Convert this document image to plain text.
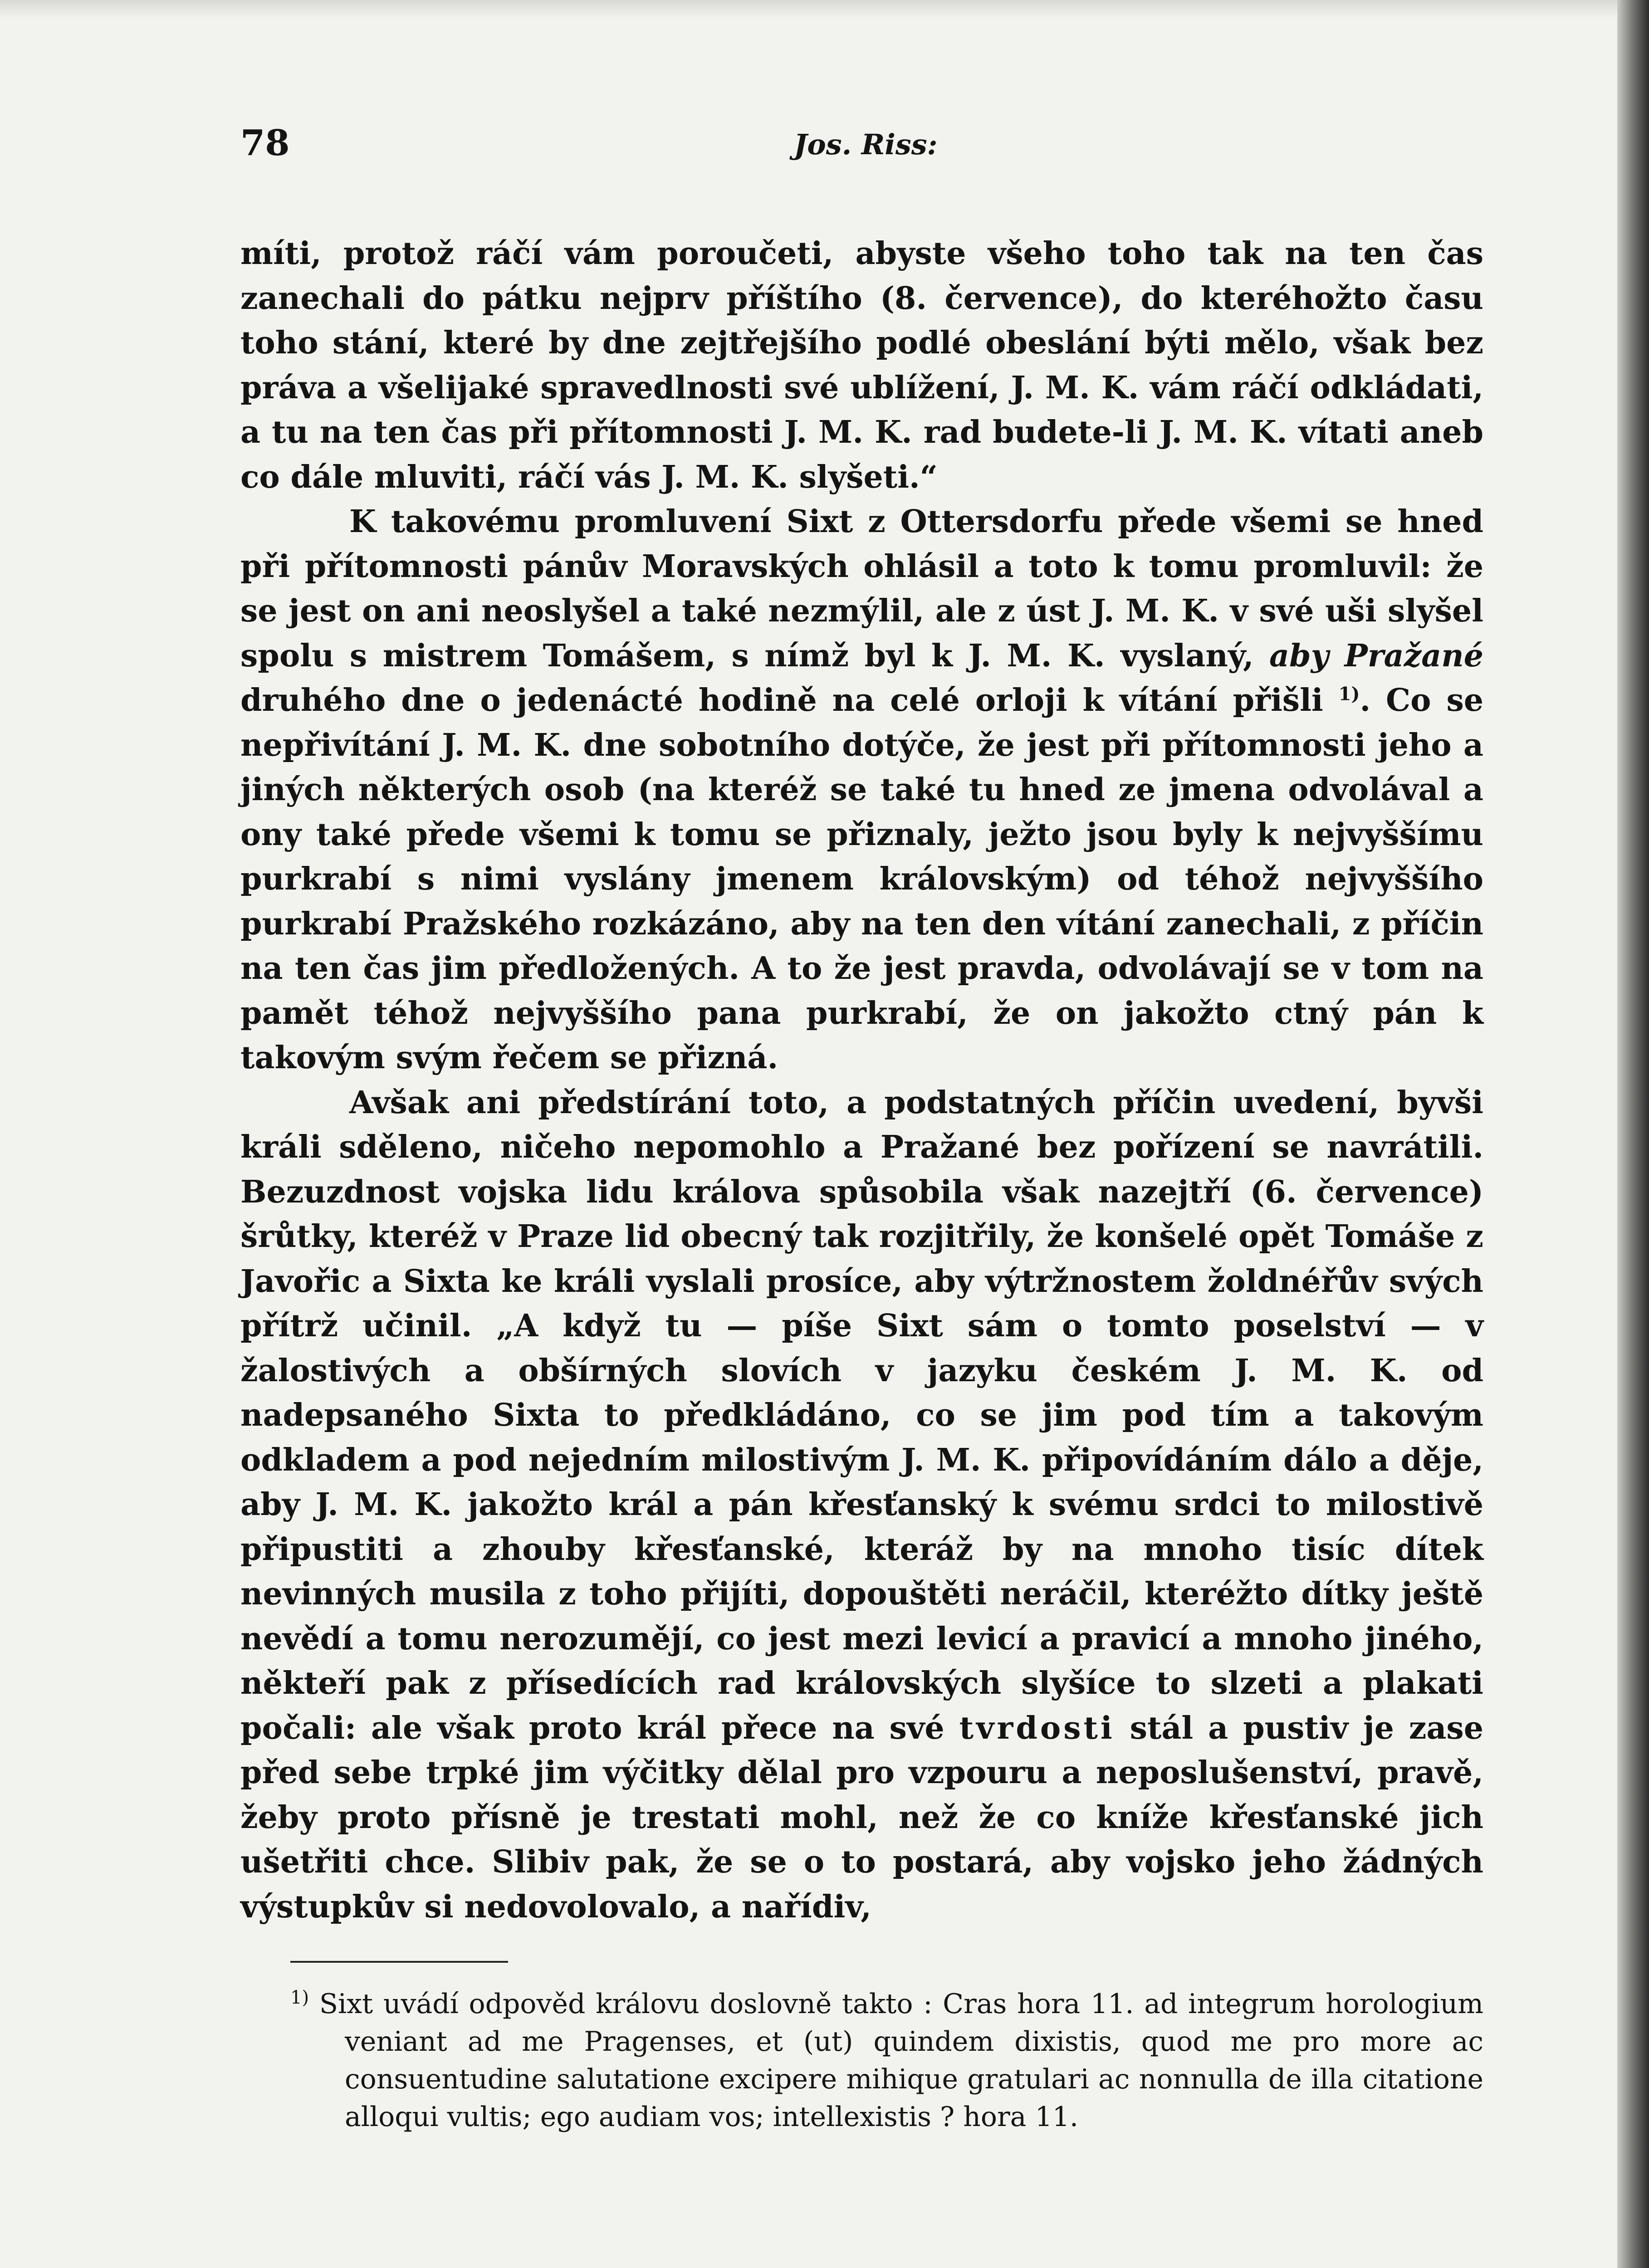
78	Jos. Riss:

míti, protož ráčí vám poroučeti, abyste všeho toho tak na ten čas zanechali do pátku nejprv příštího (8. července), do kteréhožto času toho stání, které by dne zejtřejšího podlé obeslání býti mělo, však bez práva a všelijaké spravedlnosti své ublížení, J. M. K. vám ráčí odkládati, a tu na ten čas při přítomnosti J. M. K. rad budete-li J. M. K. vítati aneb co dále mluviti, ráčí vás J. M. K. slyšeti.“

K takovému promluvení Sixt z Ottersdorfu přede všemi se hned při přítomnosti pánův Moravských ohlásil a toto k tomu promluvil: že se jest on ani neoslyšel a také nezmýlil, ale z úst J. M. K. v své uši slyšel spolu s mistrem Tomášem, s nímž byl k J. M. K. vyslaný, aby Pražané druhého dne o jedenácté hodině na celé orloji k vítání přišli $^{1)}$. Co se nepřivítání J. M. K. dne sobotního dotýče, že jest při přítomnosti jeho a jiných některých osob (na kteréž se také tu hned ze jmena odvolával a ony také přede všemi k tomu se přiznaly, ježto jsou byly k nejvyššímu purkrabí s nimi vyslány jmenem královským) od téhož nejvyššího purkrabí Pražského rozkázáno, aby na ten den vítání zanechali, z příčin na ten čas jim předložených. A to že jest pravda, odvolávají se v tom na pamět téhož nejvyššího pana purkrabí, že on jakožto ctný pán k takovým svým řečem se přizná.

Avšak ani předstírání toto, a podstatných příčin uvedení, byvši králi sděleno, ničeho nepomohlo a Pražané bez pořízení se navrátili. Bezuzdnost vojska lidu králova spůsobila však nazejtří (6. července) šrůtky, kteréž v Praze lid obecný tak rozjitřily, že konšelé opět Tomáše z Javořic a Sixta ke králi vyslali prosíce, aby výtržnostem žoldnéřův svých přítrž učinil. „A když tu — píše Sixt sám o tomto poselství — v žalostivých a obšírných slovích v jazyku českém J. M. K. od nadepsaného Sixta to předkládáno, co se jim pod tím a takovým odkladem a pod nejedním milostivým J. M. K. připovídáním dálo a děje, aby J. M. K. jakožto král a pán křesťanský k svému srdci to milostivě připustiti a zhouby křesťanské, kteráž by na mnoho tisíc dítek nevinných musila z toho přijíti, dopouštěti neráčil, kteréžto dítky ještě nevědí a tomu nerozumějí, co jest mezi levicí a pravicí a mnoho jiného, někteří pak z přísedících rad královských slyšíce to slzeti a plakati počali: ale však proto král přece na své tvrdosti stál a pustiv je zase před sebe trpké jim výčitky dělal pro vzpouru a neposlušenství, pravě, žeby proto přísně je trestati mohl, než že co kníže křesťanské jich ušetřiti chce. Slibiv pak, že se o to postará, aby vojsko jeho žádných výstupkův si nedovolovalo, a nařídiv,

$^{1)}$ Sixt uvádí odpověd královu doslovně takto : Cras hora 11. ad integrum horologium veniant ad me Pragenses, et (ut) quindem dixistis, quod me pro more ac consuentudine salutatione excipere mihique gratulari ac nonnulla de illa citatione alloqui vultis; ego audiam vos; intellexistis ? hora 11.
